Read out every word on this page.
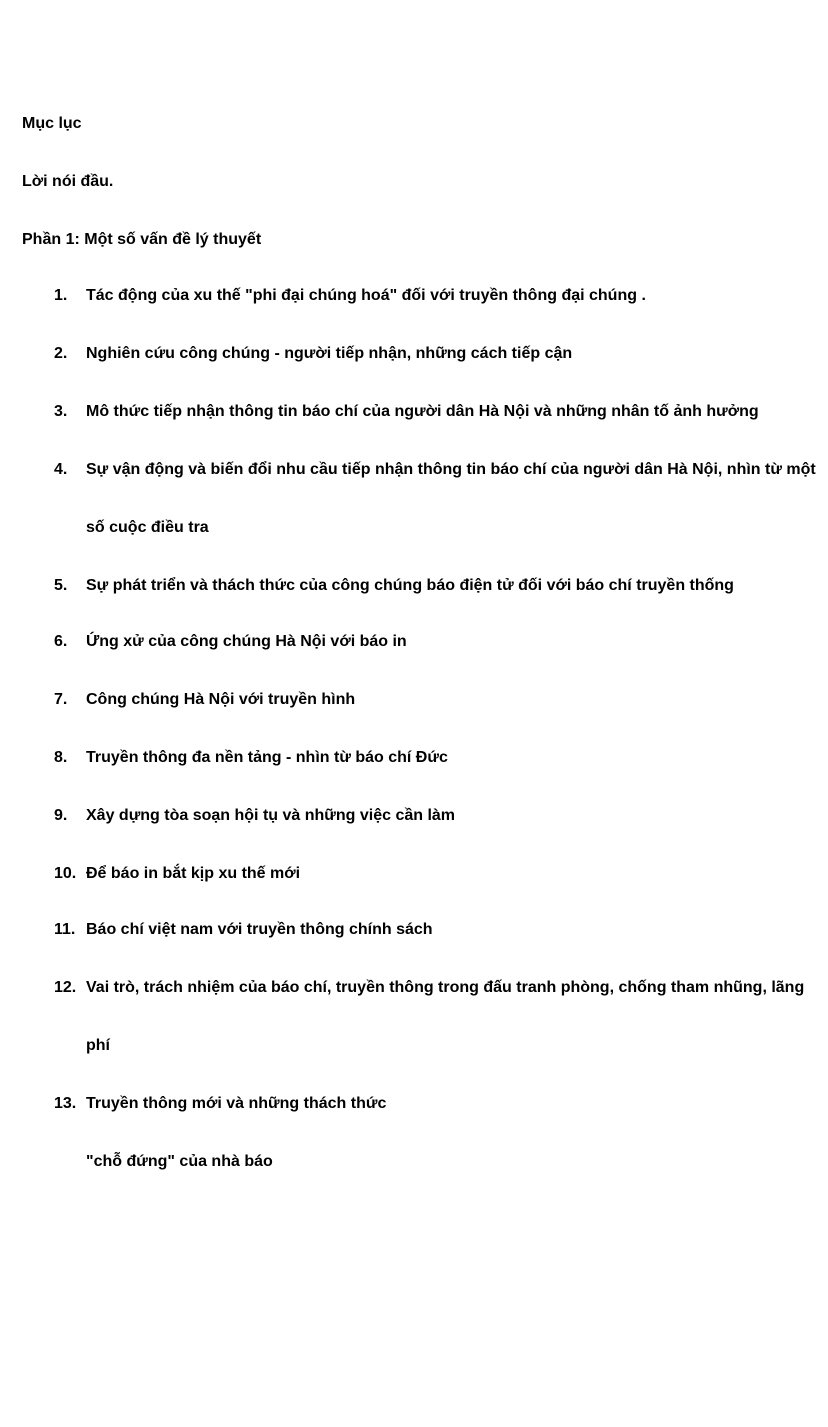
Mục lục
Lời nói đầu.
Phần 1: Một số vấn đề lý thuyết
1. Tác động của xu thế "phi đại chúng hoá" đối với truyền thông đại chúng .
2. Nghiên cứu công chúng - người tiếp nhận, những cách tiếp cận
3. Mô thức tiếp nhận thông tin báo chí của người dân Hà Nội và những nhân tố ảnh hưởng
4. Sự vận động và biến đổi nhu cầu tiếp nhận thông tin báo chí của người dân Hà Nội, nhìn từ một
số cuộc điều tra
5. Sự phát triển và thách thức của công chúng báo điện tử đối với báo chí truyền thống
6. Ứng xử của công chúng Hà Nội với báo in
7. Công chúng Hà Nội với truyền hình
8. Truyền thông đa nền tảng - nhìn từ báo chí Đức
9. Xây dựng tòa soạn hội tụ và những việc cần làm
10. Để báo in bắt kịp xu thế mới
11. Báo chí việt nam với truyền thông chính sách
12. Vai trò, trách nhiệm của báo chí, truyền thông trong đấu tranh phòng, chống tham nhũng, lãng
phí
13. Truyền thông mới và những thách thức
"chỗ đứng" của nhà báo
